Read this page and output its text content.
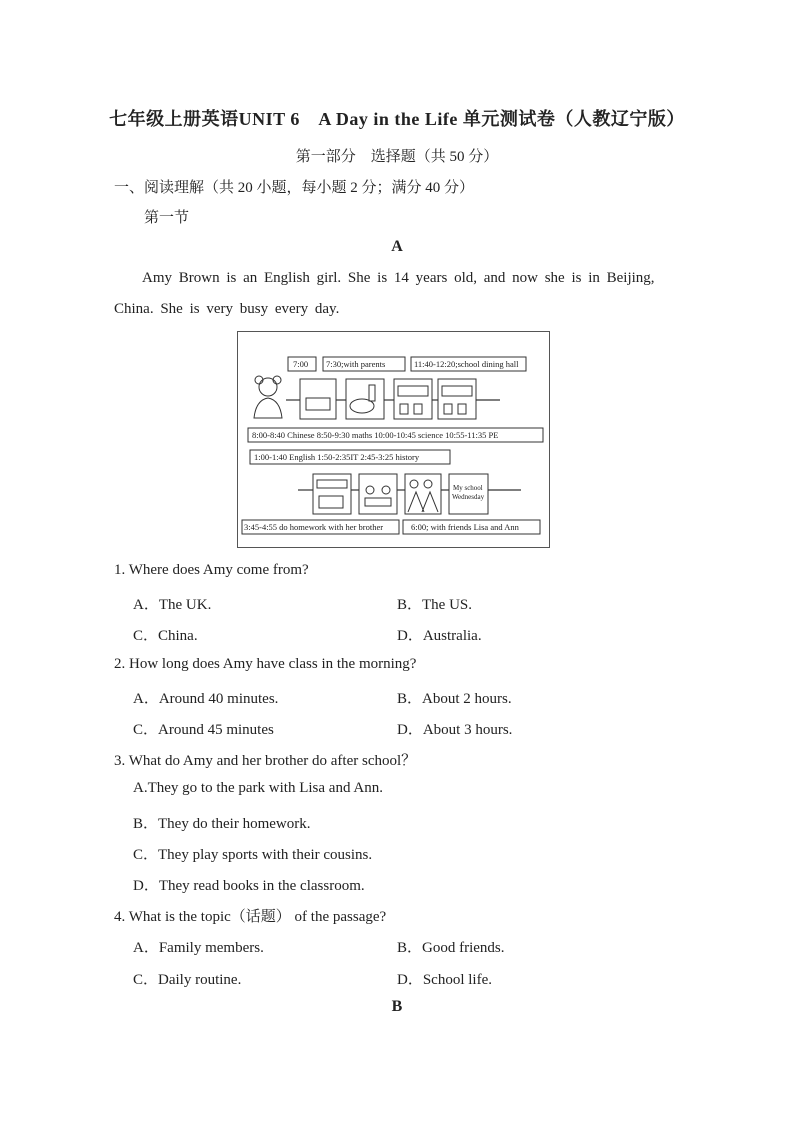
七年级上册英语UNIT 6　A Day in the Life 单元测试卷（人教辽宁版）
第一部分　选择题（共 50 分）
一、阅读理解（共 20 小题，每小题 2 分；满分 40 分）
第一节
A
Amy Brown is an English girl. She is 14 years old, and now she is in Beijing,
China. She is very busy every day.
7:00 7:30;with parents	11:40-12:20;school dining hall
8:00-8:40 Chinese 8:50-9:30 maths 10:00-10:45 science 10:55-11:35 PE
1:00-1:40 English 1:50-2:35IT 2:45-3:25 history
My school
Wednesday
3:45-4:55 do homework with her brother	6:00; with friends Lisa and Ann
1. Where does Amy come from?
A．The UK.	B．The US.
C．China.	D．Australia.
2. How long does Amy have class in the morning?
A．Around 40 minutes.	B．About 2 hours.
C．Around 45 minutes	D．About 3 hours.
3. What do Amy and her brother do after school？
A.They go to the park with Lisa and Ann.
B．They do their homework.
C．They play sports with their cousins.
D．They read books in the classroom.
4. What is the topic（话题） of the passage?
A．Family members.	B．Good friends.
C．Daily routine.	D．School life.
B
